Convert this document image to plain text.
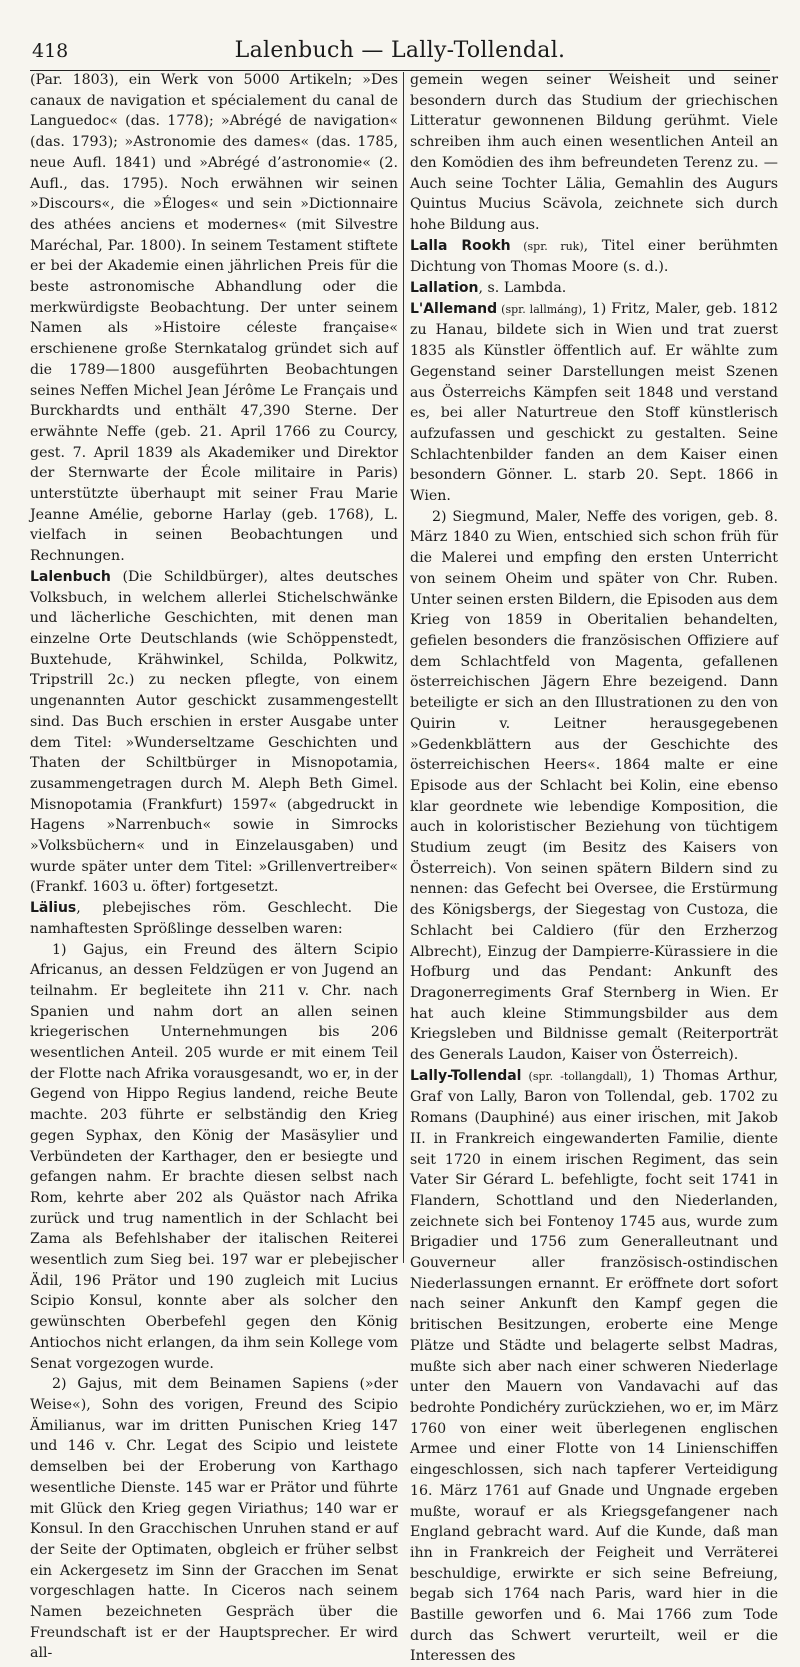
418	Lalenbuch — Lally-Tollendal.

(Par. 1803), ein Werk von 5000 Artikeln; »Des canaux de navigation et spécialement du canal de Languedoc« (das. 1778); »Abrégé de navigation« (das. 1793); »Astronomie des dames« (das. 1785, neue Aufl. 1841) und »Abrégé d’astronomie« (2. Aufl., das. 1795). Noch erwähnen wir seinen »Discours«, die »Éloges« und sein »Dictionnaire des athées anciens et modernes« (mit Silvestre Maréchal, Par. 1800). In seinem Testament stiftete er bei der Akademie einen jährlichen Preis für die beste astronomische Abhandlung oder die merkwürdigste Beobachtung. Der unter seinem Namen als »Histoire céleste française« erschienene große Sternkatalog gründet sich auf die 1789—1800 ausgeführten Beobachtungen seines Neffen Michel Jean Jérôme Le Français und Burckhardts und enthält 47,390 Sterne. Der erwähnte Neffe (geb. 21. April 1766 zu Courcy, gest. 7. April 1839 als Akademiker und Direktor der Sternwarte der École militaire in Paris) unterstützte überhaupt mit seiner Frau Marie Jeanne Amélie, geborne Harlay (geb. 1768), L. vielfach in seinen Beobachtungen und Rechnungen.

Lalenbuch (Die Schildbürger), altes deutsches Volksbuch, in welchem allerlei Stichelschwänke und lächerliche Geschichten, mit denen man einzelne Orte Deutschlands (wie Schöppenstedt, Buxtehude, Krähwinkel, Schilda, Polkwitz, Tripstrill 2c.) zu necken pflegte, von einem ungenannten Autor geschickt zusammengestellt sind. Das Buch erschien in erster Ausgabe unter dem Titel: »Wunderseltzame Geschichten und Thaten der Schiltbürger in Misnopotamia, zusammengetragen durch M. Aleph Beth Gimel. Misnopotamia (Frankfurt) 1597« (abgedruckt in Hagens »Narrenbuch« sowie in Simrocks »Volksbüchern« und in Einzelausgaben) und wurde später unter dem Titel: »Grillenvertreiber« (Frankf. 1603 u. öfter) fortgesetzt.

Lälius, plebejisches röm. Geschlecht. Die namhaftesten Sprößlinge desselben waren:

1) Gajus, ein Freund des ältern Scipio Africanus, an dessen Feldzügen er von Jugend an teilnahm. Er begleitete ihn 211 v. Chr. nach Spanien und nahm dort an allen seinen kriegerischen Unternehmungen bis 206 wesentlichen Anteil. 205 wurde er mit einem Teil der Flotte nach Afrika vorausgesandt, wo er, in der Gegend von Hippo Regius landend, reiche Beute machte. 203 führte er selbständig den Krieg gegen Syphax, den König der Masäsylier und Verbündeten der Karthager, den er besiegte und gefangen nahm. Er brachte diesen selbst nach Rom, kehrte aber 202 als Quästor nach Afrika zurück und trug namentlich in der Schlacht bei Zama als Befehlshaber der italischen Reiterei wesentlich zum Sieg bei. 197 war er plebejischer Ädil, 196 Prätor und 190 zugleich mit Lucius Scipio Konsul, konnte aber als solcher den gewünschten Oberbefehl gegen den König Antiochos nicht erlangen, da ihm sein Kollege vom Senat vorgezogen wurde.

2) Gajus, mit dem Beinamen Sapiens (»der Weise«), Sohn des vorigen, Freund des Scipio Ämilianus, war im dritten Punischen Krieg 147 und 146 v. Chr. Legat des Scipio und leistete demselben bei der Eroberung von Karthago wesentliche Dienste. 145 war er Prätor und führte mit Glück den Krieg gegen Viriathus; 140 war er Konsul. In den Gracchischen Unruhen stand er auf der Seite der Optimaten, obgleich er früher selbst ein Ackergesetz im Sinn der Gracchen im Senat vorgeschlagen hatte. In Ciceros nach seinem Namen bezeichneten Gespräch über die Freundschaft ist er der Hauptsprecher. Er wird all-

gemein wegen seiner Weisheit und seiner besondern durch das Studium der griechischen Litteratur gewonnenen Bildung gerühmt. Viele schreiben ihm auch einen wesentlichen Anteil an den Komödien des ihm befreundeten Terenz zu. — Auch seine Tochter Lälia, Gemahlin des Augurs Quintus Mucius Scävola, zeichnete sich durch hohe Bildung aus.

Lalla Rookh (spr. ruk), Titel einer berühmten Dichtung von Thomas Moore (s. d.).

Lallation, s. Lambda.

L'Allemand (spr. lallmáng), 1) Fritz, Maler, geb. 1812 zu Hanau, bildete sich in Wien und trat zuerst 1835 als Künstler öffentlich auf. Er wählte zum Gegenstand seiner Darstellungen meist Szenen aus Österreichs Kämpfen seit 1848 und verstand es, bei aller Naturtreue den Stoff künstlerisch aufzufassen und geschickt zu gestalten. Seine Schlachtenbilder fanden an dem Kaiser einen besondern Gönner. L. starb 20. Sept. 1866 in Wien.

2) Siegmund, Maler, Neffe des vorigen, geb. 8. März 1840 zu Wien, entschied sich schon früh für die Malerei und empfing den ersten Unterricht von seinem Oheim und später von Chr. Ruben. Unter seinen ersten Bildern, die Episoden aus dem Krieg von 1859 in Oberitalien behandelten, gefielen besonders die französischen Offiziere auf dem Schlachtfeld von Magenta, gefallenen österreichischen Jägern Ehre bezeigend. Dann beteiligte er sich an den Illustrationen zu den von Quirin v. Leitner herausgegebenen »Gedenkblättern aus der Geschichte des österreichischen Heers«. 1864 malte er eine Episode aus der Schlacht bei Kolin, eine ebenso klar geordnete wie lebendige Komposition, die auch in koloristischer Beziehung von tüchtigem Studium zeugt (im Besitz des Kaisers von Österreich). Von seinen spätern Bildern sind zu nennen: das Gefecht bei Oversee, die Erstürmung des Königsbergs, der Siegestag von Custoza, die Schlacht bei Caldiero (für den Erzherzog Albrecht), Einzug der Dampierre-Kürassiere in die Hofburg und das Pendant: Ankunft des Dragonerregiments Graf Sternberg in Wien. Er hat auch kleine Stimmungsbilder aus dem Kriegsleben und Bildnisse gemalt (Reiterporträt des Generals Laudon, Kaiser von Österreich).

Lally-Tollendal (spr. -tollangdall), 1) Thomas Arthur, Graf von Lally, Baron von Tollendal, geb. 1702 zu Romans (Dauphiné) aus einer irischen, mit Jakob II. in Frankreich eingewanderten Familie, diente seit 1720 in einem irischen Regiment, das sein Vater Sir Gérard L. befehligte, focht seit 1741 in Flandern, Schottland und den Niederlanden, zeichnete sich bei Fontenoy 1745 aus, wurde zum Brigadier und 1756 zum Generalleutnant und Gouverneur aller französisch-ostindischen Niederlassungen ernannt. Er eröffnete dort sofort nach seiner Ankunft den Kampf gegen die britischen Besitzungen, eroberte eine Menge Plätze und Städte und belagerte selbst Madras, mußte sich aber nach einer schweren Niederlage unter den Mauern von Vandavachi auf das bedrohte Pondichéry zurückziehen, wo er, im März 1760 von einer weit überlegenen englischen Armee und einer Flotte von 14 Linienschiffen eingeschlossen, sich nach tapferer Verteidigung 16. März 1761 auf Gnade und Ungnade ergeben mußte, worauf er als Kriegsgefangener nach England gebracht ward. Auf die Kunde, daß man ihn in Frankreich der Feigheit und Verräterei beschuldige, erwirkte er sich seine Befreiung, begab sich 1764 nach Paris, ward hier in die Bastille geworfen und 6. Mai 1766 zum Tode durch das Schwert verurteilt, weil er die Interessen des
